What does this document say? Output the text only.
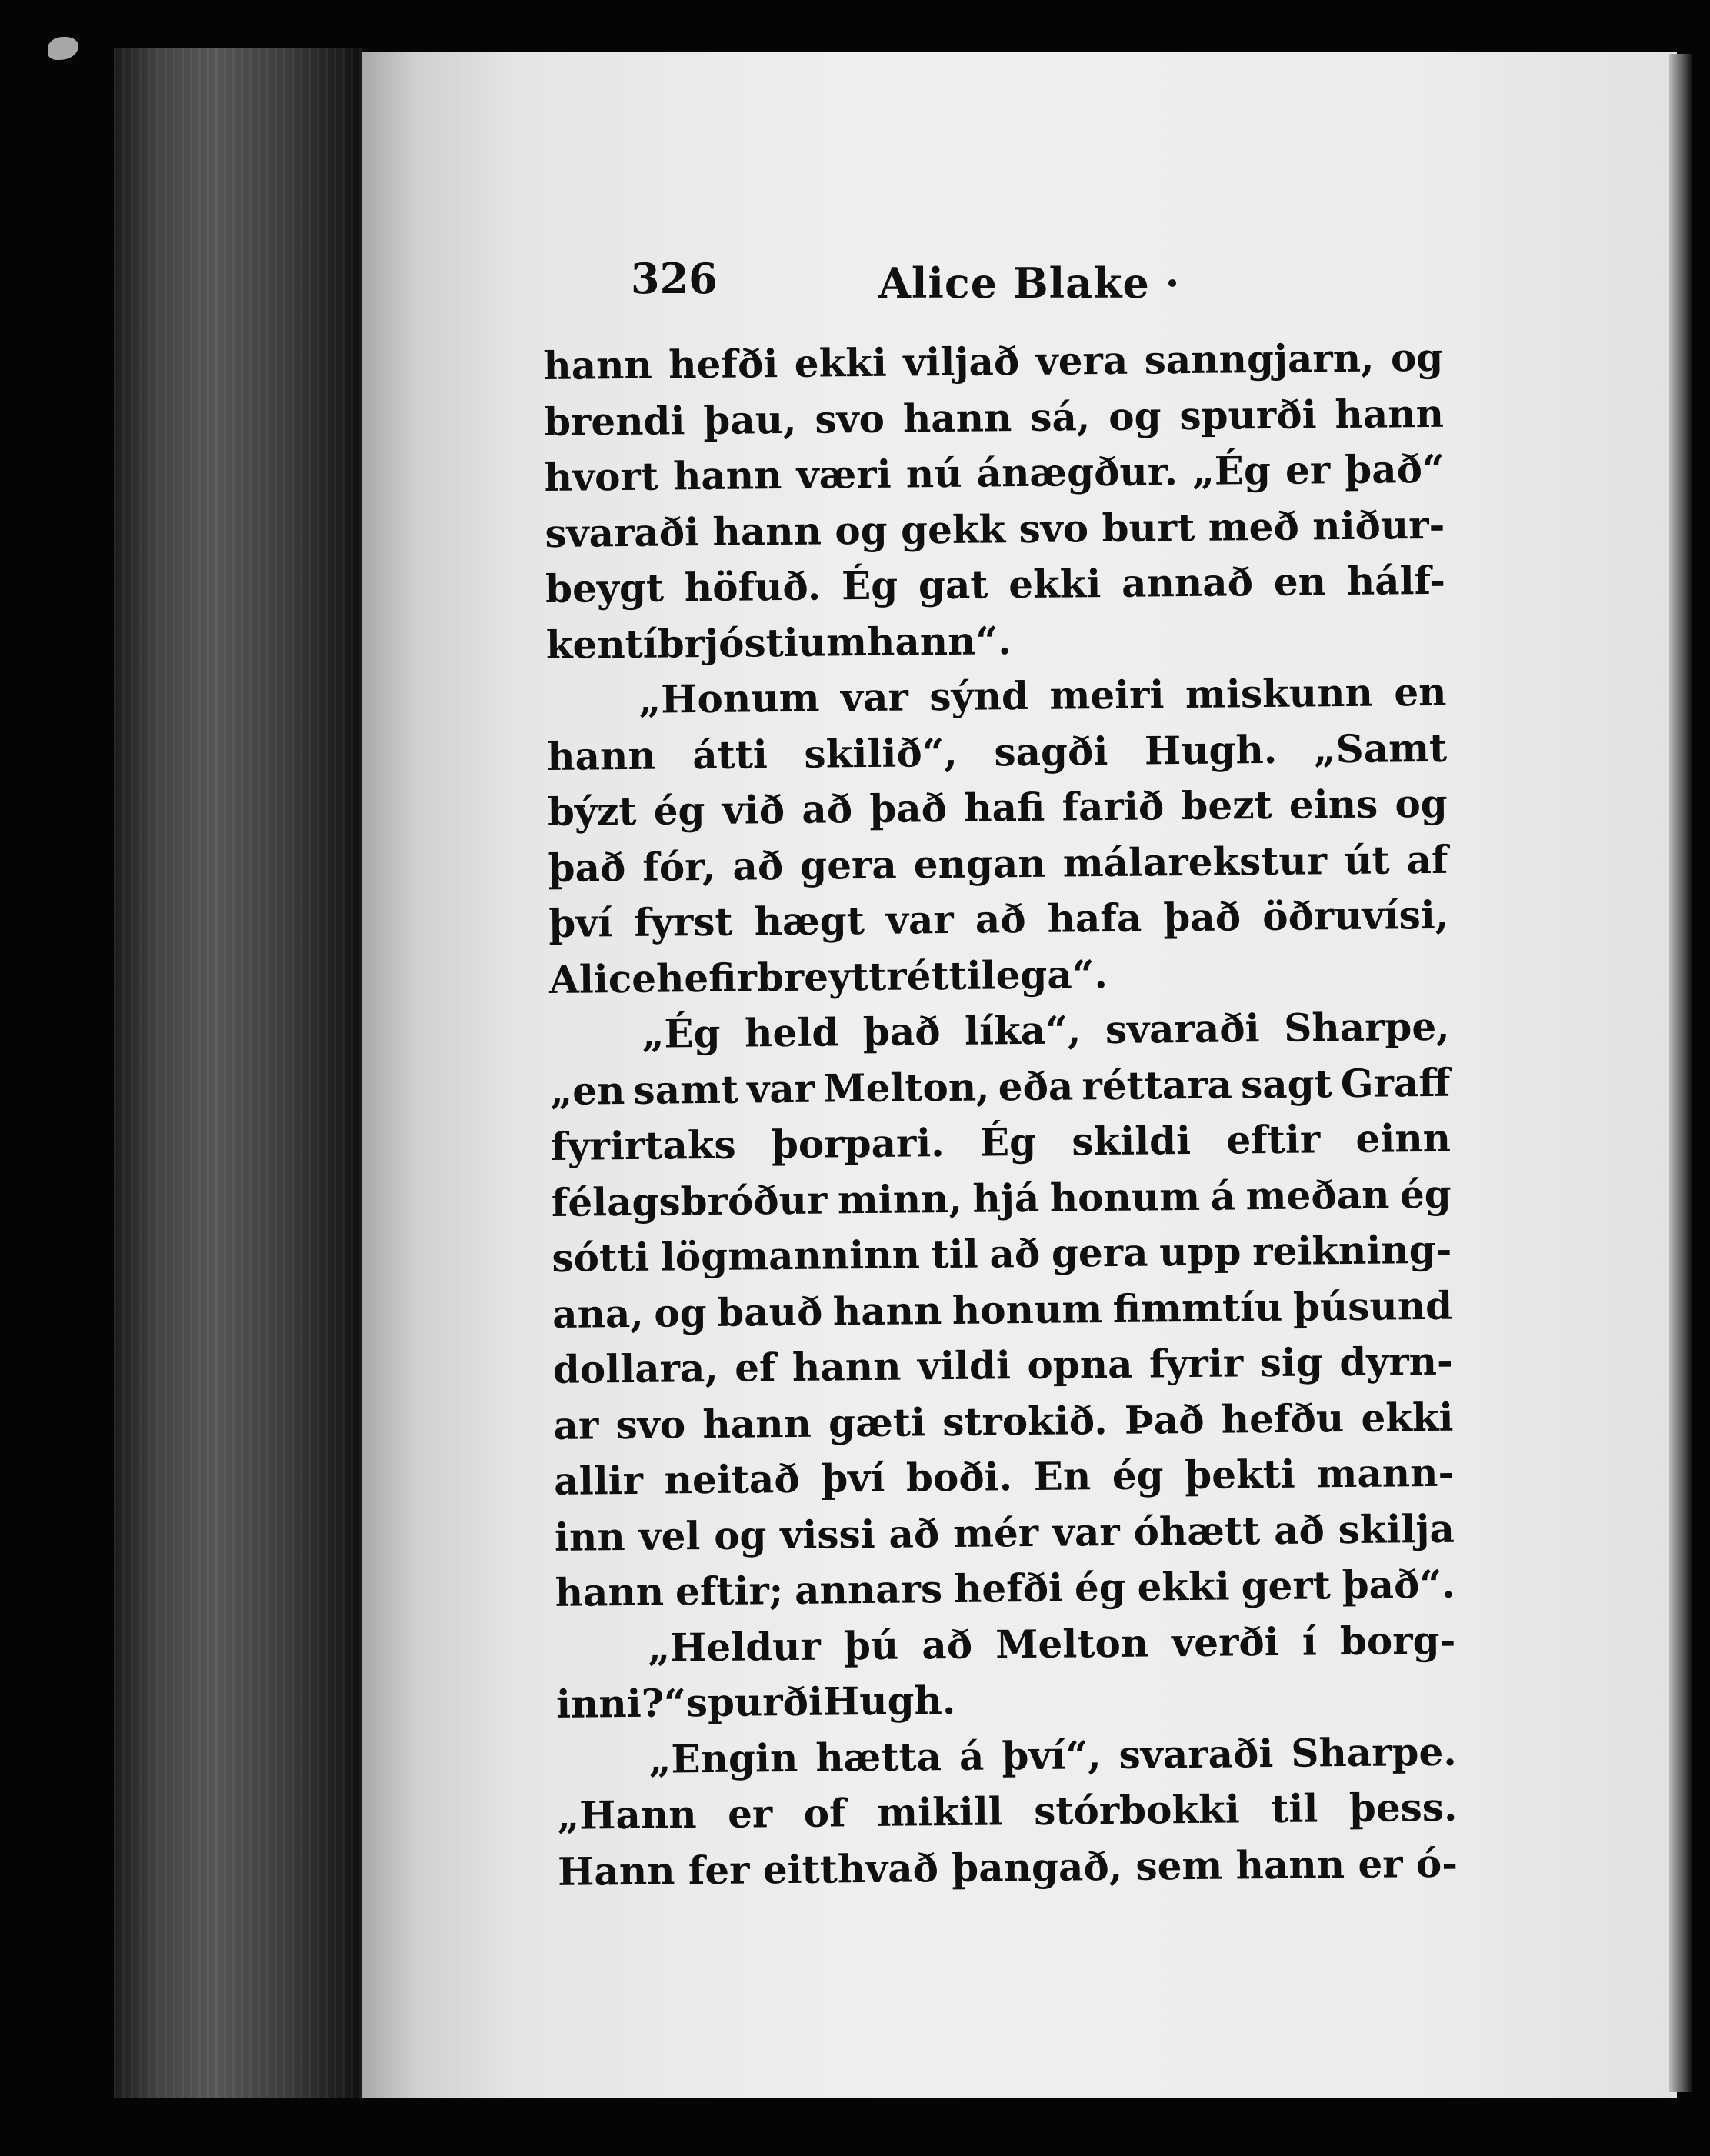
326	Alice Blake ·
hann hefði ekki viljað vera sanngjarn, og
brendi þau, svo hann sá, og spurði hann
hvort hann væri nú ánægður. „Ég er það“
svaraði hann og gekk svo burt með niður-
beygt höfuð. Ég gat ekki annað en hálf-
kent í brjósti um hann“.
„Honum var sýnd meiri miskunn en
hann átti skilið“, sagði Hugh. „Samt
býzt ég við að það hafi farið bezt eins og
það fór, að gera engan málarekstur út af
því fyrst hægt var að hafa það öðruvísi,
Alice hefir breytt réttilega“.
„Ég held það líka“, svaraði Sharpe,
„en samt var Melton, eða réttara sagt Graff
fyrirtaks þorpari. Ég skildi eftir einn
félagsbróður minn, hjá honum á meðan ég
sótti lögmanninn til að gera upp reikning-
ana, og bauð hann honum fimmtíu þúsund
dollara, ef hann vildi opna fyrir sig dyrn-
ar svo hann gæti strokið. Það hefðu ekki
allir neitað því boði. En ég þekti mann-
inn vel og vissi að mér var óhætt að skilja
hann eftir; annars hefði ég ekki gert það“.
„Heldur þú að Melton verði í borg-
inni?“ spurði Hugh.
„Engin hætta á því“, svaraði Sharpe.
„Hann er of mikill stórbokki til þess.
Hann fer eitthvað þangað, sem hann er ó-
